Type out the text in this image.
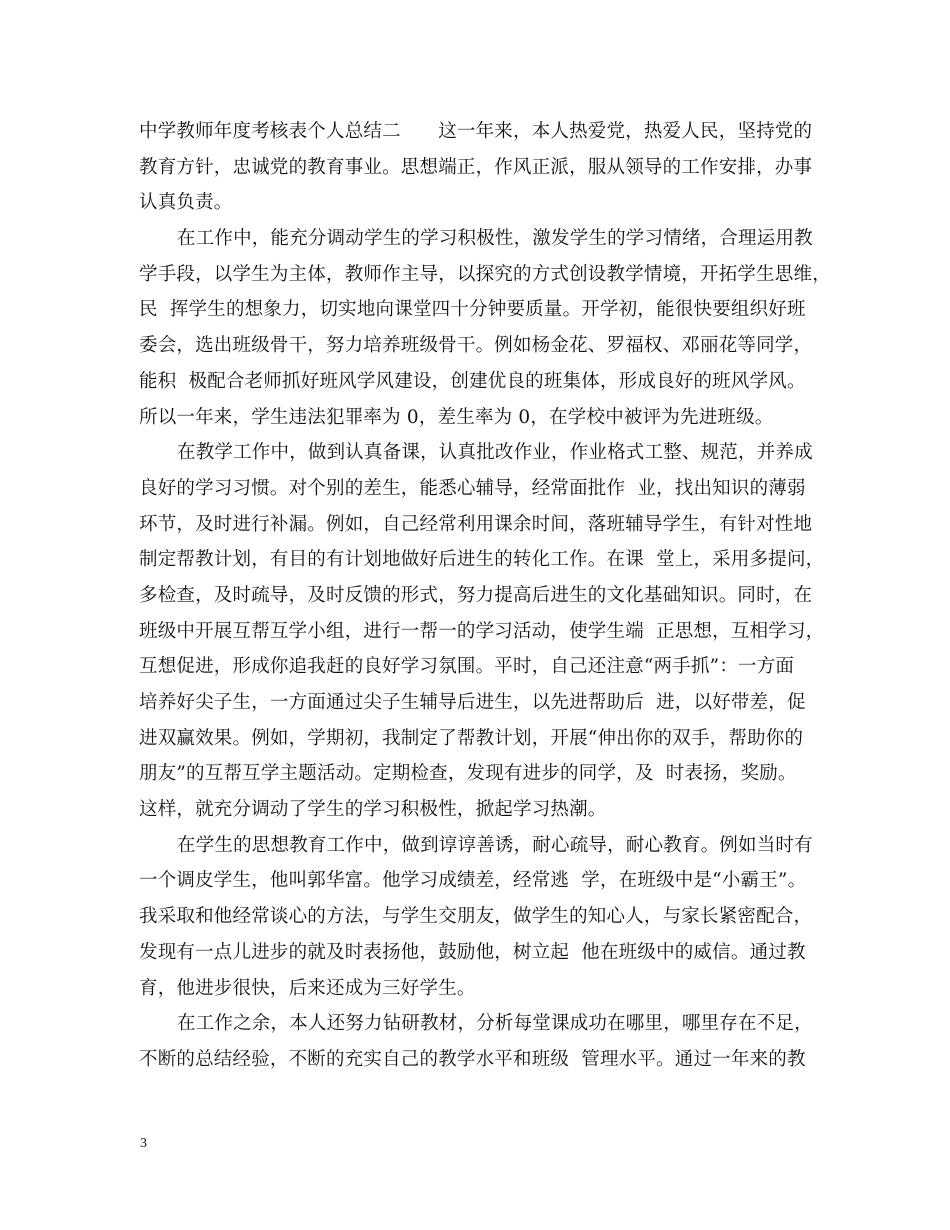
中学教师年度考核表个人总结二　　这一年来，本人热爱党，热爱人民，坚持党的
教育方针，忠诚党的教育事业。思想端正，作风正派，服从领导的工作安排，办事
认真负责。
在工作中，能充分调动学生的学习积极性，激发学生的学习情绪，合理运用教
学手段，以学生为主体，教师作主导，以探究的方式创设教学情境，开拓学生思维，
民  挥学生的想象力，切实地向课堂四十分钟要质量。开学初，能很快要组织好班
委会，选出班级骨干，努力培养班级骨干。例如杨金花、罗福权、邓丽花等同学，
能积  极配合老师抓好班风学风建设，创建优良的班集体，形成良好的班风学风。
所以一年来，学生违法犯罪率为 0，差生率为 0，在学校中被评为先进班级。
在教学工作中，做到认真备课，认真批改作业，作业格式工整、规范，并养成
良好的学习习惯。对个别的差生，能悉心辅导，经常面批作  业，找出知识的薄弱
环节，及时进行补漏。例如，自己经常利用课余时间，落班辅导学生，有针对性地
制定帮教计划，有目的有计划地做好后进生的转化工作。在课  堂上，采用多提问，
多检查，及时疏导，及时反馈的形式，努力提高后进生的文化基础知识。同时，在
班级中开展互帮互学小组，进行一帮一的学习活动，使学生端  正思想，互相学习，
互想促进，形成你追我赶的良好学习氛围。平时，自己还注意“两手抓”：一方面
培养好尖子生，一方面通过尖子生辅导后进生，以先进帮助后  进，以好带差，促
进双赢效果。例如，学期初，我制定了帮教计划，开展“伸出你的双手，帮助你的
朋友”的互帮互学主题活动。定期检查，发现有进步的同学，及  时表扬，奖励。
这样，就充分调动了学生的学习积极性，掀起学习热潮。
在学生的思想教育工作中，做到谆谆善诱，耐心疏导，耐心教育。例如当时有
一个调皮学生，他叫郭华富。他学习成绩差，经常逃  学，在班级中是“小霸王”。
我采取和他经常谈心的方法，与学生交朋友，做学生的知心人，与家长紧密配合，
发现有一点儿进步的就及时表扬他，鼓励他，树立起  他在班级中的威信。通过教
育，他进步很快，后来还成为三好学生。
在工作之余，本人还努力钻研教材，分析每堂课成功在哪里，哪里存在不足，
不断的总结经验，不断的充实自己的教学水平和班级  管理水平。通过一年来的教
3
